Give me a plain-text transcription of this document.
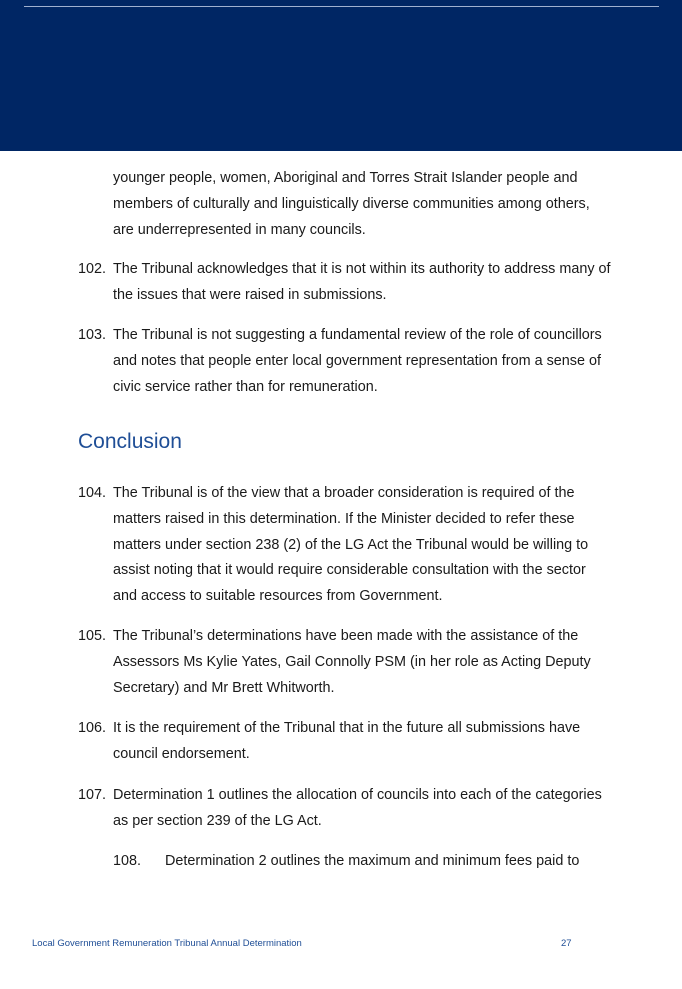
younger people, women, Aboriginal and Torres Strait Islander people and members of culturally and linguistically diverse communities among others, are underrepresented in many councils.
102. The Tribunal acknowledges that it is not within its authority to address many of the issues that were raised in submissions.
103. The Tribunal is not suggesting a fundamental review of the role of councillors and notes that people enter local government representation from a sense of civic service rather than for remuneration.
Conclusion
104. The Tribunal is of the view that a broader consideration is required of the matters raised in this determination. If the Minister decided to refer these matters under section 238 (2) of the LG Act the Tribunal would be willing to assist noting that it would require considerable consultation with the sector and access to suitable resources from Government.
105. The Tribunal’s determinations have been made with the assistance of the Assessors Ms Kylie Yates, Gail Connolly PSM (in her role as Acting Deputy Secretary) and Mr Brett Whitworth.
106. It is the requirement of the Tribunal that in the future all submissions have council endorsement.
107. Determination 1 outlines the allocation of councils into each of the categories as per section 239 of the LG Act.
108. Determination 2 outlines the maximum and minimum fees paid to
Local Government Remuneration Tribunal Annual Determination	27
